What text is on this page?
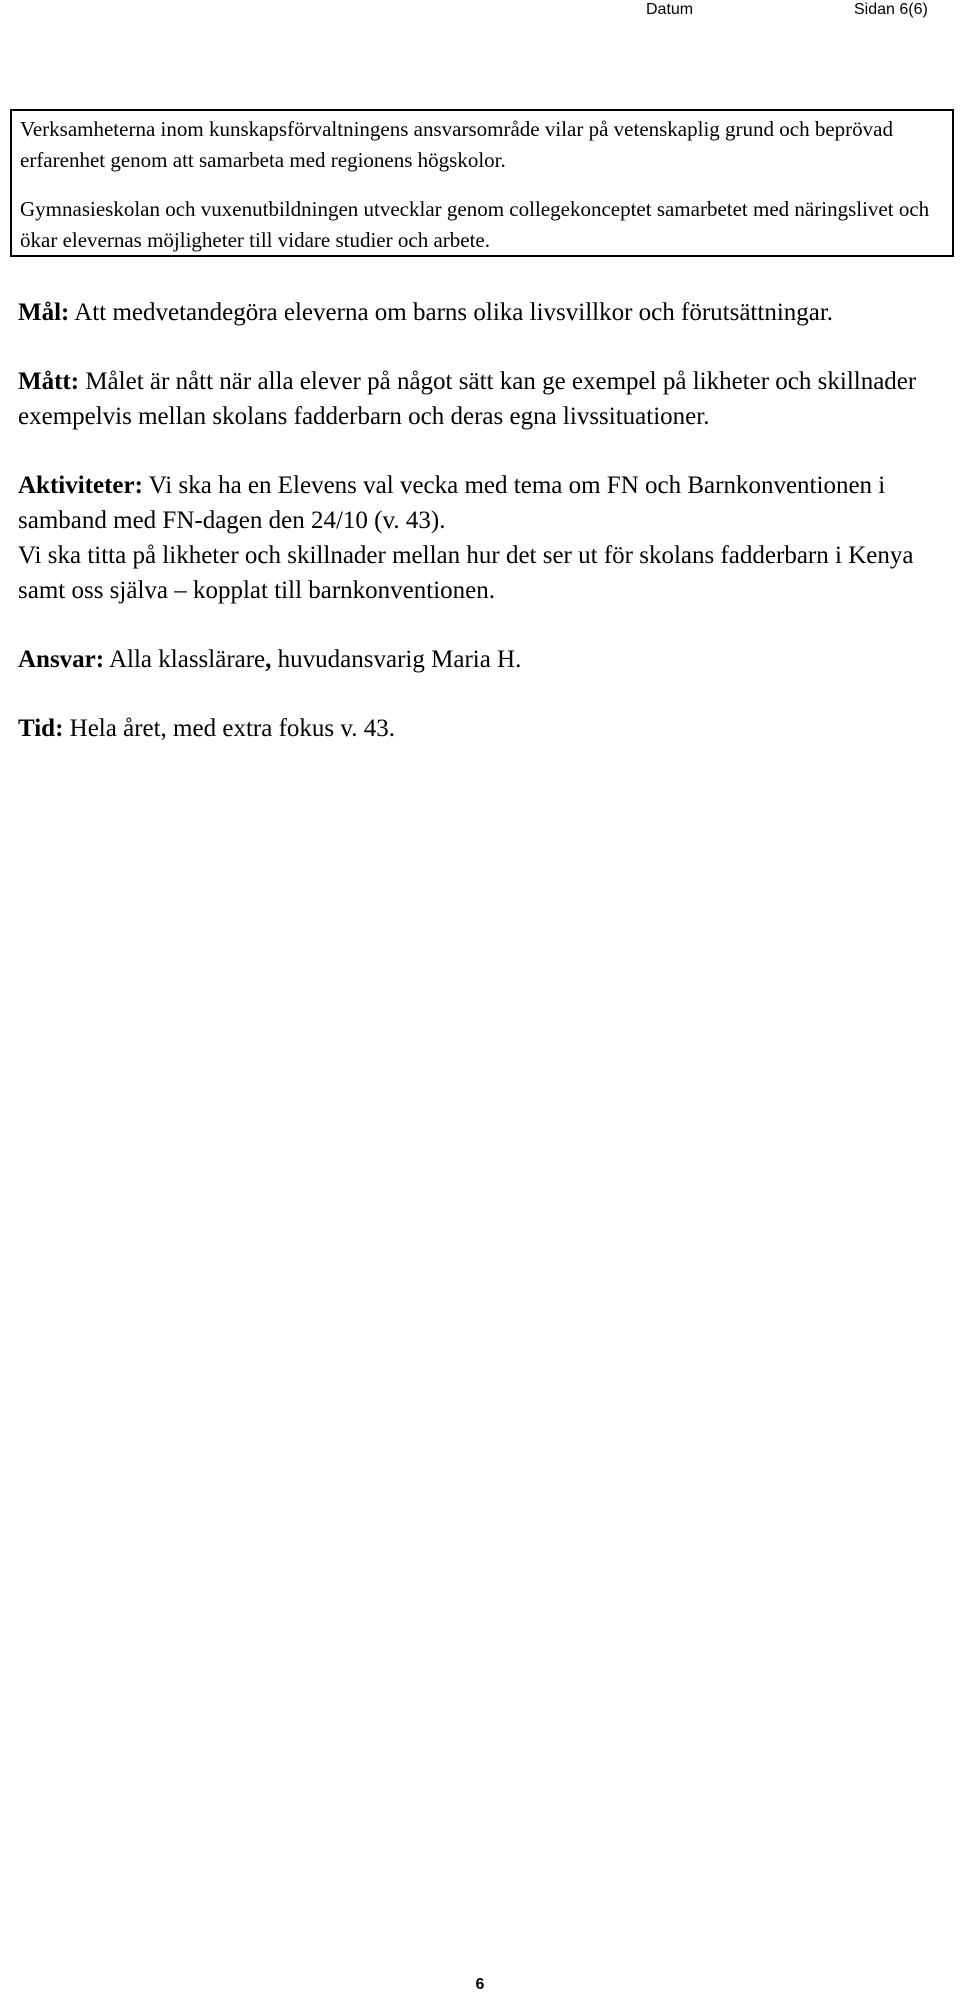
Datum	Sidan 6(6)

Verksamheterna inom kunskapsförvaltningens ansvarsområde vilar på vetenskaplig grund och beprövad erfarenhet genom att samarbeta med regionens högskolor.

Gymnasieskolan och vuxenutbildningen utvecklar genom collegekonceptet samarbetet med näringslivet och ökar elevernas möjligheter till vidare studier och arbete.

Mål: Att medvetandegöra eleverna om barns olika livsvillkor och förutsättningar.

Mått: Målet är nått när alla elever på något sätt kan ge exempel på likheter och skillnader exempelvis mellan skolans fadderbarn och deras egna livssituationer.

Aktiviteter: Vi ska ha en Elevens val vecka med tema om FN och Barnkonventionen i samband med FN-dagen den 24/10 (v. 43).

Vi ska titta på likheter och skillnader mellan hur det ser ut för skolans fadderbarn i Kenya samt oss själva – kopplat till barnkonventionen.

Ansvar: Alla klasslärare, huvudansvarig Maria H.

Tid: Hela året, med extra fokus v. 43.

6
